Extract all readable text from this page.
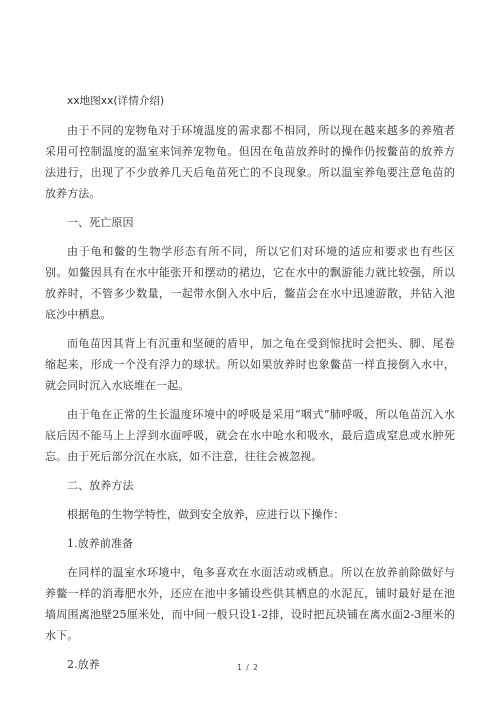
xx地图xx(详情介绍)

由于不同的宠物龟对于环境温度的需求都不相同，所以现在越来越多的养殖者采用可控制温度的温室来饲养宠物龟。但因在龟苗放养时的操作仍按鳖苗的放养方法进行，出现了不少放养几天后龟苗死亡的不良现象。所以温室养龟要注意龟苗的放养方法。

一、死亡原因

由于龟和鳖的生物学形态有所不同，所以它们对环境的适应和要求也有些区别。如鳖因具有在水中能张开和摆动的裙边，它在水中的飘游能力就比较强，所以放养时，不管多少数量，一起带水倒入水中后，鳖苗会在水中迅速游散，并钻入池底沙中栖息。

而龟苗因其背上有沉重和坚硬的盾甲，加之龟在受到惊扰时会把头、脚、尾卷缩起来，形成一个没有浮力的球状。所以如果放养时也象鳖苗一样直接倒入水中，就会同时沉入水底堆在一起。

由于龟在正常的生长温度环境中的呼吸是采用“咽式”肺呼吸，所以龟苗沉入水底后因不能马上上浮到水面呼吸，就会在水中呛水和吸水，最后造成窒息或水肿死忘。由于死后部分沉在水底，如不注意，往往会被忽视。

二、放养方法

根据龟的生物学特性，做到安全放养，应进行以下操作：

1.放养前准备

在同样的温室水环境中，龟多喜欢在水面活动或栖息。所以在放养前除做好与养鳖一样的消毒肥水外，还应在池中多铺设些供其栖息的水泥瓦，铺时最好是在池墙周围离池壁25厘米处，而中间一般只设1-2排，设时把瓦块铺在离水面2-3厘米的水下。

2.放养	1 / 2
